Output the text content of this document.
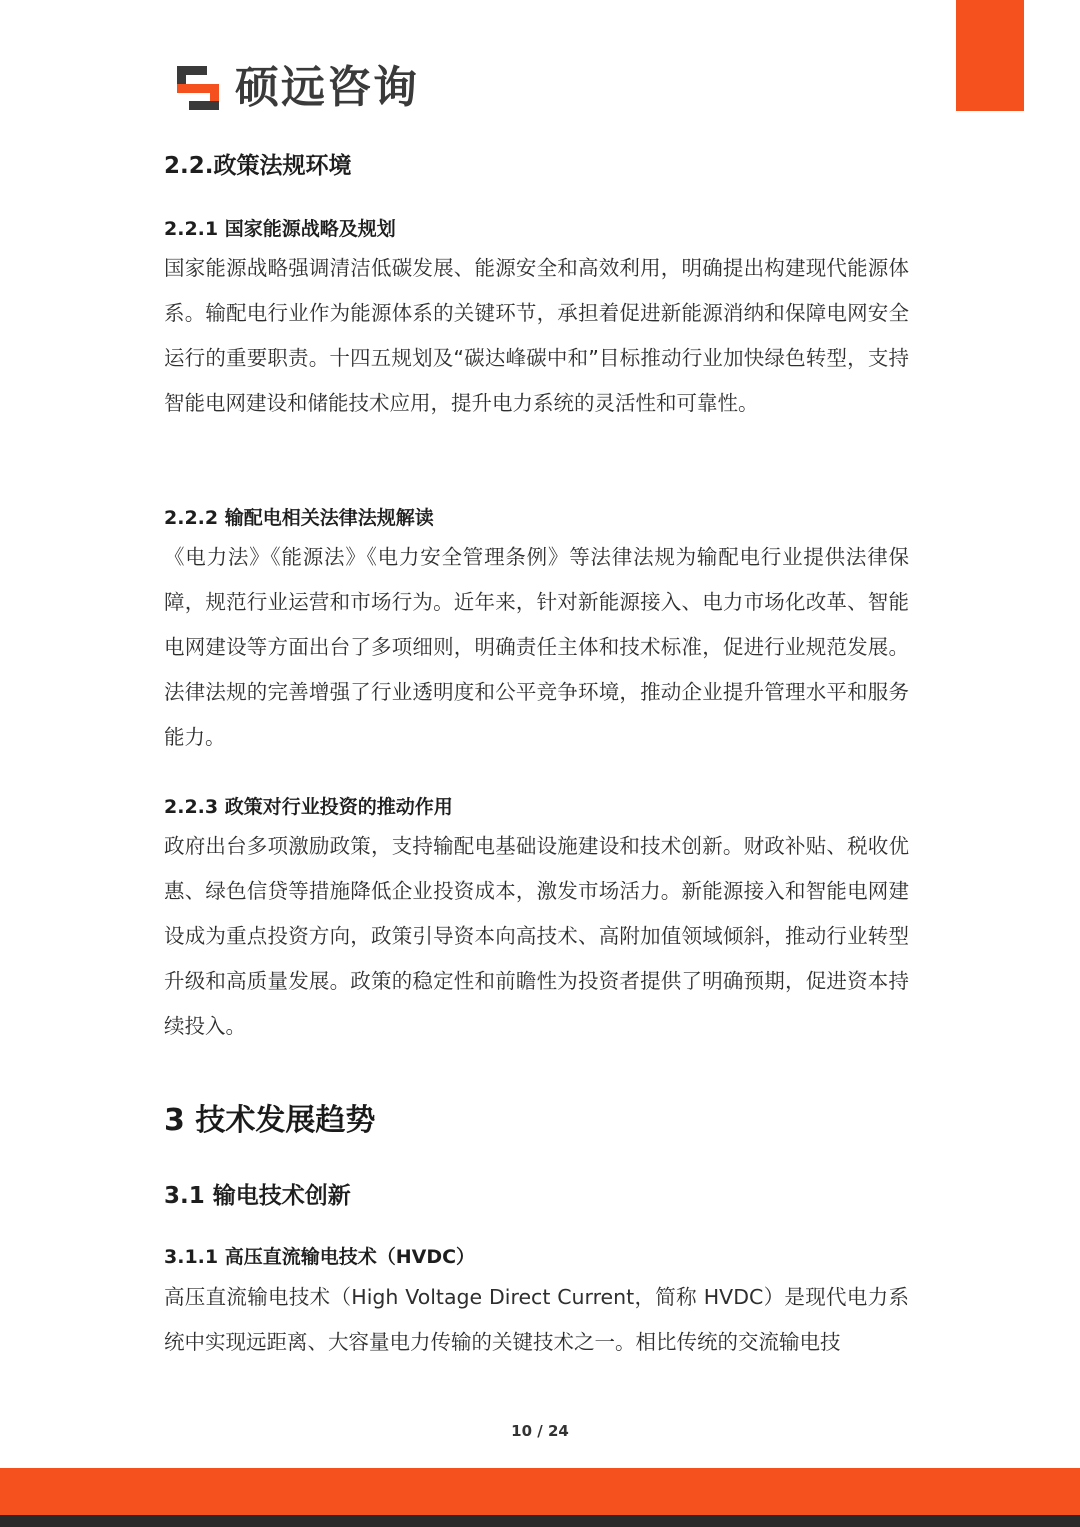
硕远咨询
2.2.政策法规环境
2.2.1 国家能源战略及规划

国家能源战略强调清洁低碳发展、能源安全和高效利用，明确提出构建现代能源体系。输配电行业作为能源体系的关键环节，承担着促进新能源消纳和保障电网安全运行的重要职责。十四五规划及“碳达峰碳中和”目标推动行业加快绿色转型，支持智能电网建设和储能技术应用，提升电力系统的灵活性和可靠性。

2.2.2 输配电相关法律法规解读

《电力法》《能源法》《电力安全管理条例》等法律法规为输配电行业提供法律保障，规范行业运营和市场行为。近年来，针对新能源接入、电力市场化改革、智能电网建设等方面出台了多项细则，明确责任主体和技术标准，促进行业规范发展。法律法规的完善增强了行业透明度和公平竞争环境，推动企业提升管理水平和服务能力。

2.2.3 政策对行业投资的推动作用

政府出台多项激励政策，支持输配电基础设施建设和技术创新。财政补贴、税收优惠、绿色信贷等措施降低企业投资成本，激发市场活力。新能源接入和智能电网建设成为重点投资方向，政策引导资本向高技术、高附加值领域倾斜，推动行业转型升级和高质量发展。政策的稳定性和前瞻性为投资者提供了明确预期，促进资本持续投入。

3 技术发展趋势
3.1 输电技术创新
3.1.1 高压直流输电技术（HVDC）

高压直流输电技术（High Voltage Direct Current，简称 HVDC）是现代电力系统中实现远距离、大容量电力传输的关键技术之一。相比传统的交流输电技

10 / 24
